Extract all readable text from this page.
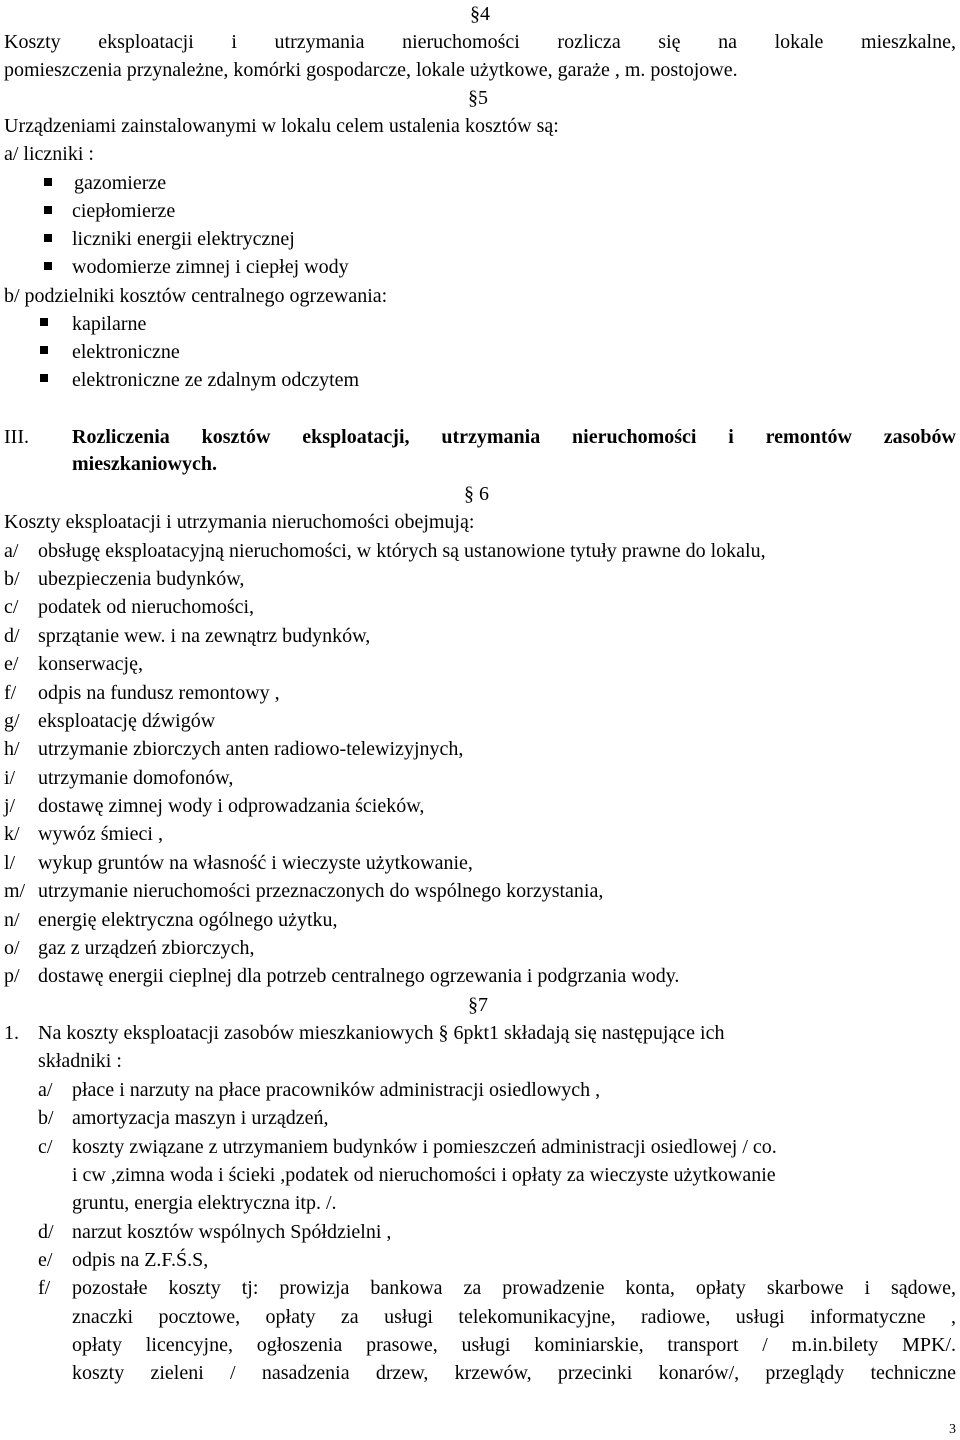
§4
Koszty eksploatacji i utrzymania nieruchomości rozlicza się na lokale mieszkalne,
pomieszczenia przynależne, komórki gospodarcze, lokale użytkowe, garaże , m. postojowe.
§5
Urządzeniami zainstalowanymi w lokalu celem ustalenia kosztów są:
a/ liczniki :
gazomierze
ciepłomierze
liczniki energii elektrycznej
wodomierze zimnej i ciepłej wody
b/ podzielniki kosztów centralnego ogrzewania:
kapilarne
elektroniczne
elektroniczne ze zdalnym odczytem
III. Rozliczenia kosztów eksploatacji, utrzymania nieruchomości i remontów zasobów
mieszkaniowych.
§ 6
Koszty eksploatacji i utrzymania nieruchomości obejmują:
a/ obsługę eksploatacyjną nieruchomości, w których są ustanowione tytuły prawne do lokalu,
b/ ubezpieczenia budynków,
c/ podatek od nieruchomości,
d/ sprzątanie wew. i na zewnątrz budynków,
e/ konserwację,
f/ odpis na fundusz remontowy ,
g/ eksploatację dźwigów
h/ utrzymanie zbiorczych anten radiowo-telewizyjnych,
i/ utrzymanie domofonów,
j/ dostawę zimnej wody i odprowadzania ścieków,
k/ wywóz śmieci ,
l/ wykup gruntów na własność i wieczyste użytkowanie,
m/ utrzymanie nieruchomości przeznaczonych do wspólnego korzystania,
n/ energię elektryczna ogólnego użytku,
o/ gaz z urządzeń zbiorczych,
p/ dostawę energii cieplnej dla potrzeb centralnego ogrzewania i podgrzania wody.
§7
1. Na koszty eksploatacji zasobów mieszkaniowych § 6pkt1 składają się następujące ich
składniki :
a/ płace i narzuty na płace pracowników administracji osiedlowych ,
b/ amortyzacja maszyn i urządzeń,
c/ koszty związane z utrzymaniem budynków i pomieszczeń administracji osiedlowej / co.
i cw ,zimna woda i ścieki ,podatek od nieruchomości i opłaty za wieczyste użytkowanie
gruntu, energia elektryczna itp. /.
d/ narzut kosztów wspólnych Spółdzielni ,
e/ odpis na Z.F.Ś.S,
f/ pozostałe koszty tj: prowizja bankowa za prowadzenie konta, opłaty skarbowe i sądowe,
znaczki pocztowe, opłaty za usługi telekomunikacyjne, radiowe, usługi informatyczne ,
opłaty licencyjne, ogłoszenia prasowe, usługi kominiarskie, transport / m.in.bilety MPK/.
koszty zieleni / nasadzenia drzew, krzewów, przecinki konarów/, przeglądy techniczne
3
